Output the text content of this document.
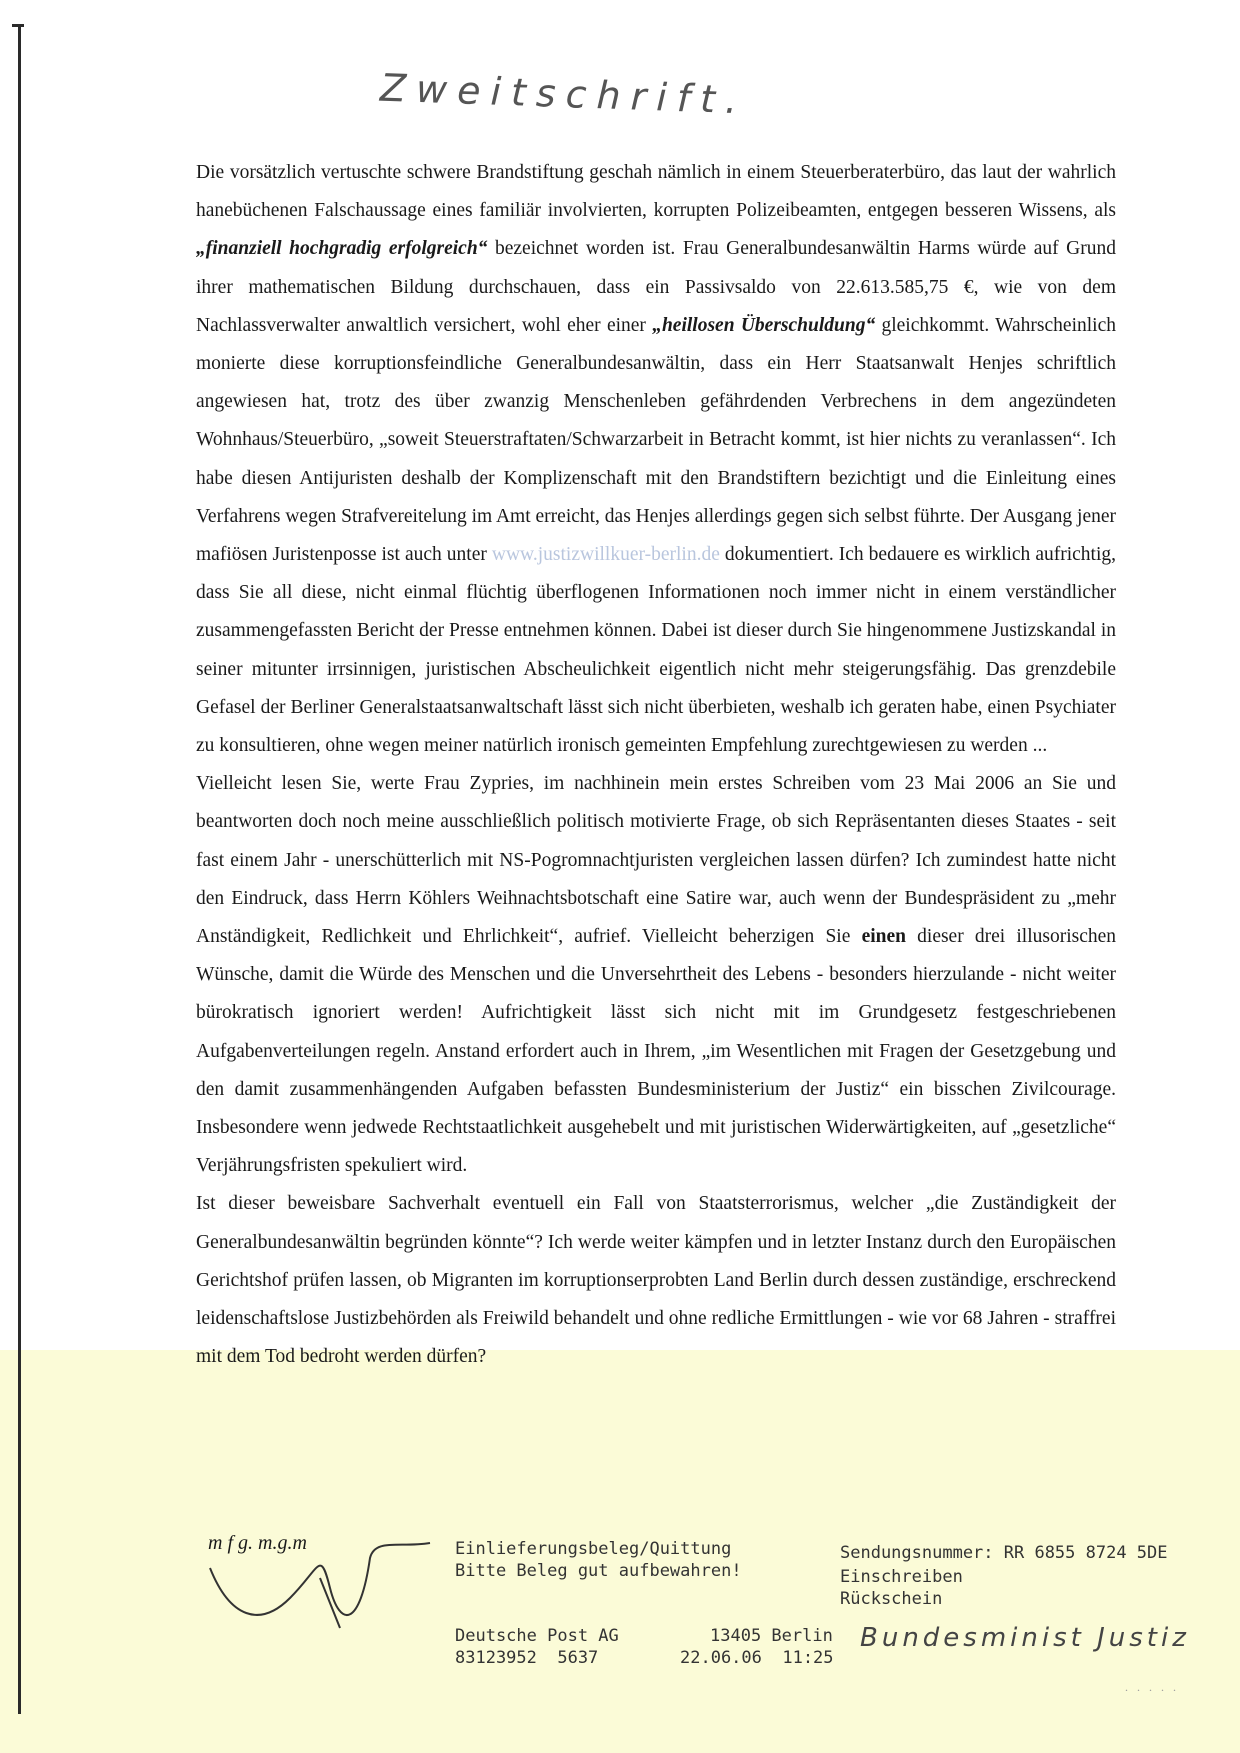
Zweitschrift.

Die vorsätzlich vertuschte schwere Brandstiftung geschah nämlich in einem Steuerberaterbüro, das laut der wahrlich hanebüchenen Falschaussage eines familiär involvierten, korrupten Polizeibeamten, entgegen besseren Wissens, als „finanziell hochgradig erfolgreich“ bezeichnet worden ist. Frau Generalbundesanwältin Harms würde auf Grund ihrer mathematischen Bildung durchschauen, dass ein Passivsaldo von 22.613.585,75 €, wie von dem Nachlassverwalter anwaltlich versichert, wohl eher einer „heillosen Überschuldung“ gleichkommt. Wahrscheinlich monierte diese korruptionsfeindliche Generalbundesanwältin, dass ein Herr Staatsanwalt Henjes schriftlich angewiesen hat, trotz des über zwanzig Menschenleben gefährdenden Verbrechens in dem angezündeten Wohnhaus/Steuerbüro, „soweit Steuerstraftaten/Schwarzarbeit in Betracht kommt, ist hier nichts zu veranlassen“. Ich habe diesen Antijuristen deshalb der Komplizenschaft mit den Brandstiftern bezichtigt und die Einleitung eines Verfahrens wegen Strafvereitelung im Amt erreicht, das Henjes allerdings gegen sich selbst führte. Der Ausgang jener mafiösen Juristenposse ist auch unter www.justizwillkuer-berlin.de dokumentiert. Ich bedauere es wirklich aufrichtig, dass Sie all diese, nicht einmal flüchtig überflogenen Informationen noch immer nicht in einem verständlicher zusammengefassten Bericht der Presse entnehmen können. Dabei ist dieser durch Sie hingenommene Justizskandal in seiner mitunter irrsinnigen, juristischen Abscheulichkeit eigentlich nicht mehr steigerungsfähig. Das grenzdebile Gefasel der Berliner Generalstaatsanwaltschaft lässt sich nicht überbieten, weshalb ich geraten habe, einen Psychiater zu konsultieren, ohne wegen meiner natürlich ironisch gemeinten Empfehlung zurechtgewiesen zu werden ...

Vielleicht lesen Sie, werte Frau Zypries, im nachhinein mein erstes Schreiben vom 23 Mai 2006 an Sie und beantworten doch noch meine ausschließlich politisch motivierte Frage, ob sich Repräsentanten dieses Staates - seit fast einem Jahr - unerschütterlich mit NS-Pogromnachtjuristen vergleichen lassen dürfen? Ich zumindest hatte nicht den Eindruck, dass Herrn Köhlers Weihnachtsbotschaft eine Satire war, auch wenn der Bundespräsident zu „mehr Anständigkeit, Redlichkeit und Ehrlichkeit“, aufrief. Vielleicht beherzigen Sie einen dieser drei illusorischen Wünsche, damit die Würde des Menschen und die Unversehrtheit des Lebens - besonders hierzulande - nicht weiter bürokratisch ignoriert werden! Aufrichtigkeit lässt sich nicht mit im Grundgesetz festgeschriebenen Aufgabenverteilungen regeln. Anstand erfordert auch in Ihrem, „im Wesentlichen mit Fragen der Gesetzgebung und den damit zusammenhängenden Aufgaben befassten Bundesministerium der Justiz“ ein bisschen Zivilcourage. Insbesondere wenn jedwede Rechtstaatlichkeit ausgehebelt und mit juristischen Widerwärtigkeiten, auf „gesetzliche“ Verjährungsfristen spekuliert wird.

Ist dieser beweisbare Sachverhalt eventuell ein Fall von Staatsterrorismus, welcher „die Zuständigkeit der Generalbundesanwältin begründen könnte“? Ich werde weiter kämpfen und in letzter Instanz durch den Europäischen Gerichtshof prüfen lassen, ob Migranten im korruptionserprobten Land Berlin durch dessen zuständige, erschreckend leidenschaftslose Justizbehörden als Freiwild behandelt und ohne redliche Ermittlungen - wie vor 68 Jahren - straffrei mit dem Tod bedroht werden dürfen?

m f g. m.g.m	Einlieferungsbeleg/Quittung
Bitte Beleg gut aufbewahren!
Deutsche Post AG
83123952  5637
13405 Berlin
22.06.06  11:25
Sendungsnummer: RR 6855 8724 5DE
Einschreiben
Rückschein
Bundesminist Justiz
. . . . .
